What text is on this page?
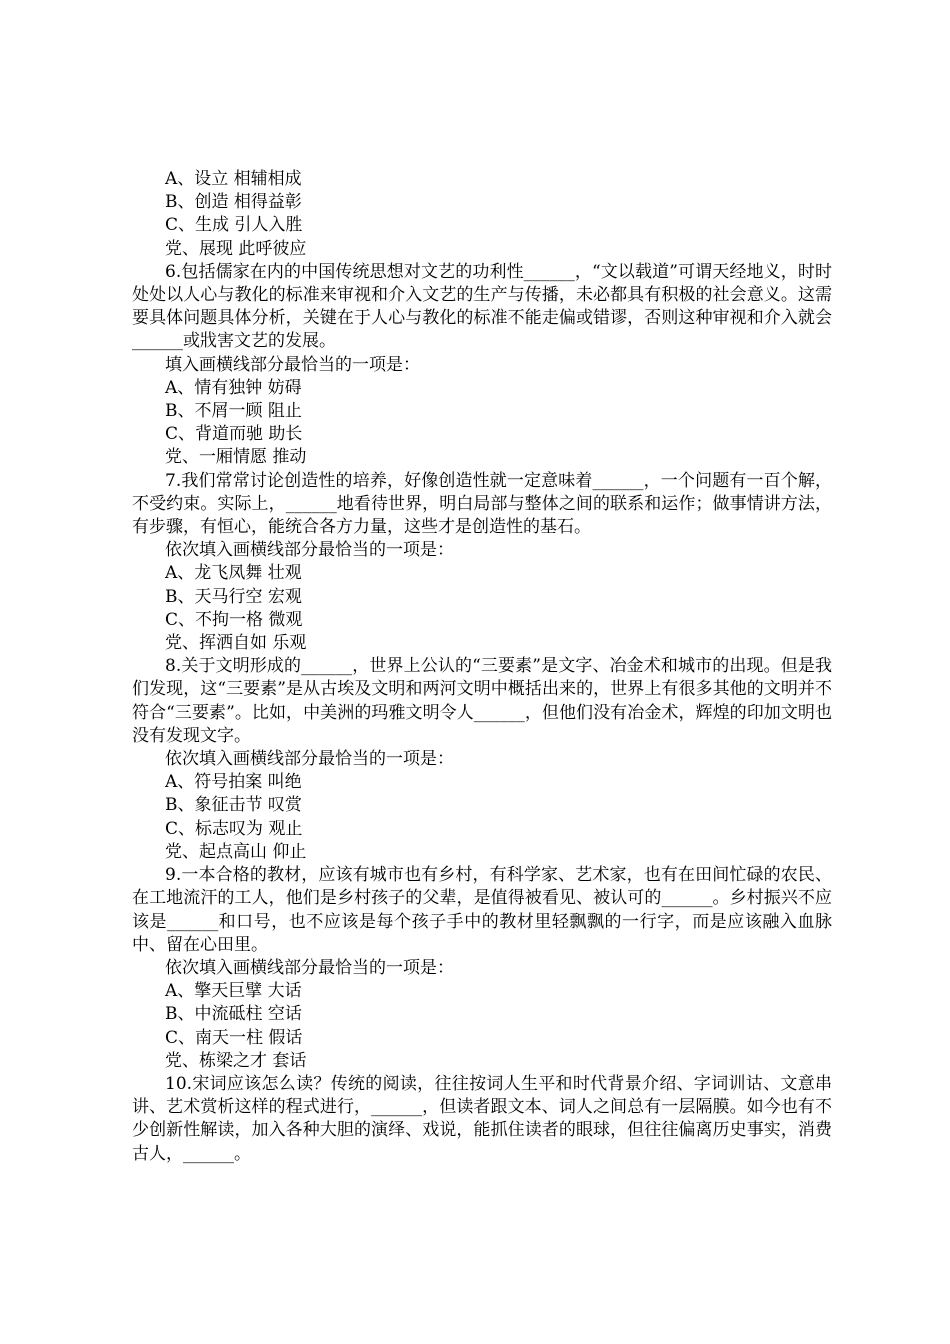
A、设立 相辅相成

B、创造 相得益彰

C、生成 引人入胜

党、展现 此呼彼应

6.包括儒家在内的中国传统思想对文艺的功利性______，“文以载道”可谓天经地义，时时处处以人心与教化的标准来审视和介入文艺的生产与传播，未必都具有积极的社会意义。这需要具体问题具体分析，关键在于人心与教化的标准不能走偏或错谬，否则这种审视和介入就会______或戕害文艺的发展。

填入画横线部分最恰当的一项是：

A、情有独钟 妨碍

B、不屑一顾 阻止

C、背道而驰 助长

党、一厢情愿 推动

7.我们常常讨论创造性的培养，好像创造性就一定意味着______，一个问题有一百个解，不受约束。实际上，______地看待世界，明白局部与整体之间的联系和运作；做事情讲方法，有步骤，有恒心，能统合各方力量，这些才是创造性的基石。

依次填入画横线部分最恰当的一项是：

A、龙飞凤舞 壮观

B、天马行空 宏观

C、不拘一格 微观

党、挥洒自如 乐观

8.关于文明形成的______，世界上公认的“三要素”是文字、冶金术和城市的出现。但是我们发现，这“三要素”是从古埃及文明和两河文明中概括出来的，世界上有很多其他的文明并不符合“三要素”。比如，中美洲的玛雅文明令人______，但他们没有冶金术，辉煌的印加文明也没有发现文字。

依次填入画横线部分最恰当的一项是：

A、符号拍案 叫绝

B、象征击节 叹赏

C、标志叹为 观止

党、起点高山 仰止

9.一本合格的教材，应该有城市也有乡村，有科学家、艺术家，也有在田间忙碌的农民、在工地流汗的工人，他们是乡村孩子的父辈，是值得被看见、被认可的______。乡村振兴不应该是______和口号，也不应该是每个孩子手中的教材里轻飘飘的一行字，而是应该融入血脉中、留在心田里。

依次填入画横线部分最恰当的一项是：

A、擎天巨擘 大话

B、中流砥柱 空话

C、南天一柱 假话

党、栋梁之才 套话

10.宋词应该怎么读？传统的阅读，往往按词人生平和时代背景介绍、字词训诂、文意串讲、艺术赏析这样的程式进行，______，但读者跟文本、词人之间总有一层隔膜。如今也有不少创新性解读，加入各种大胆的演绎、戏说，能抓住读者的眼球，但往往偏离历史事实，消费古人，______。
